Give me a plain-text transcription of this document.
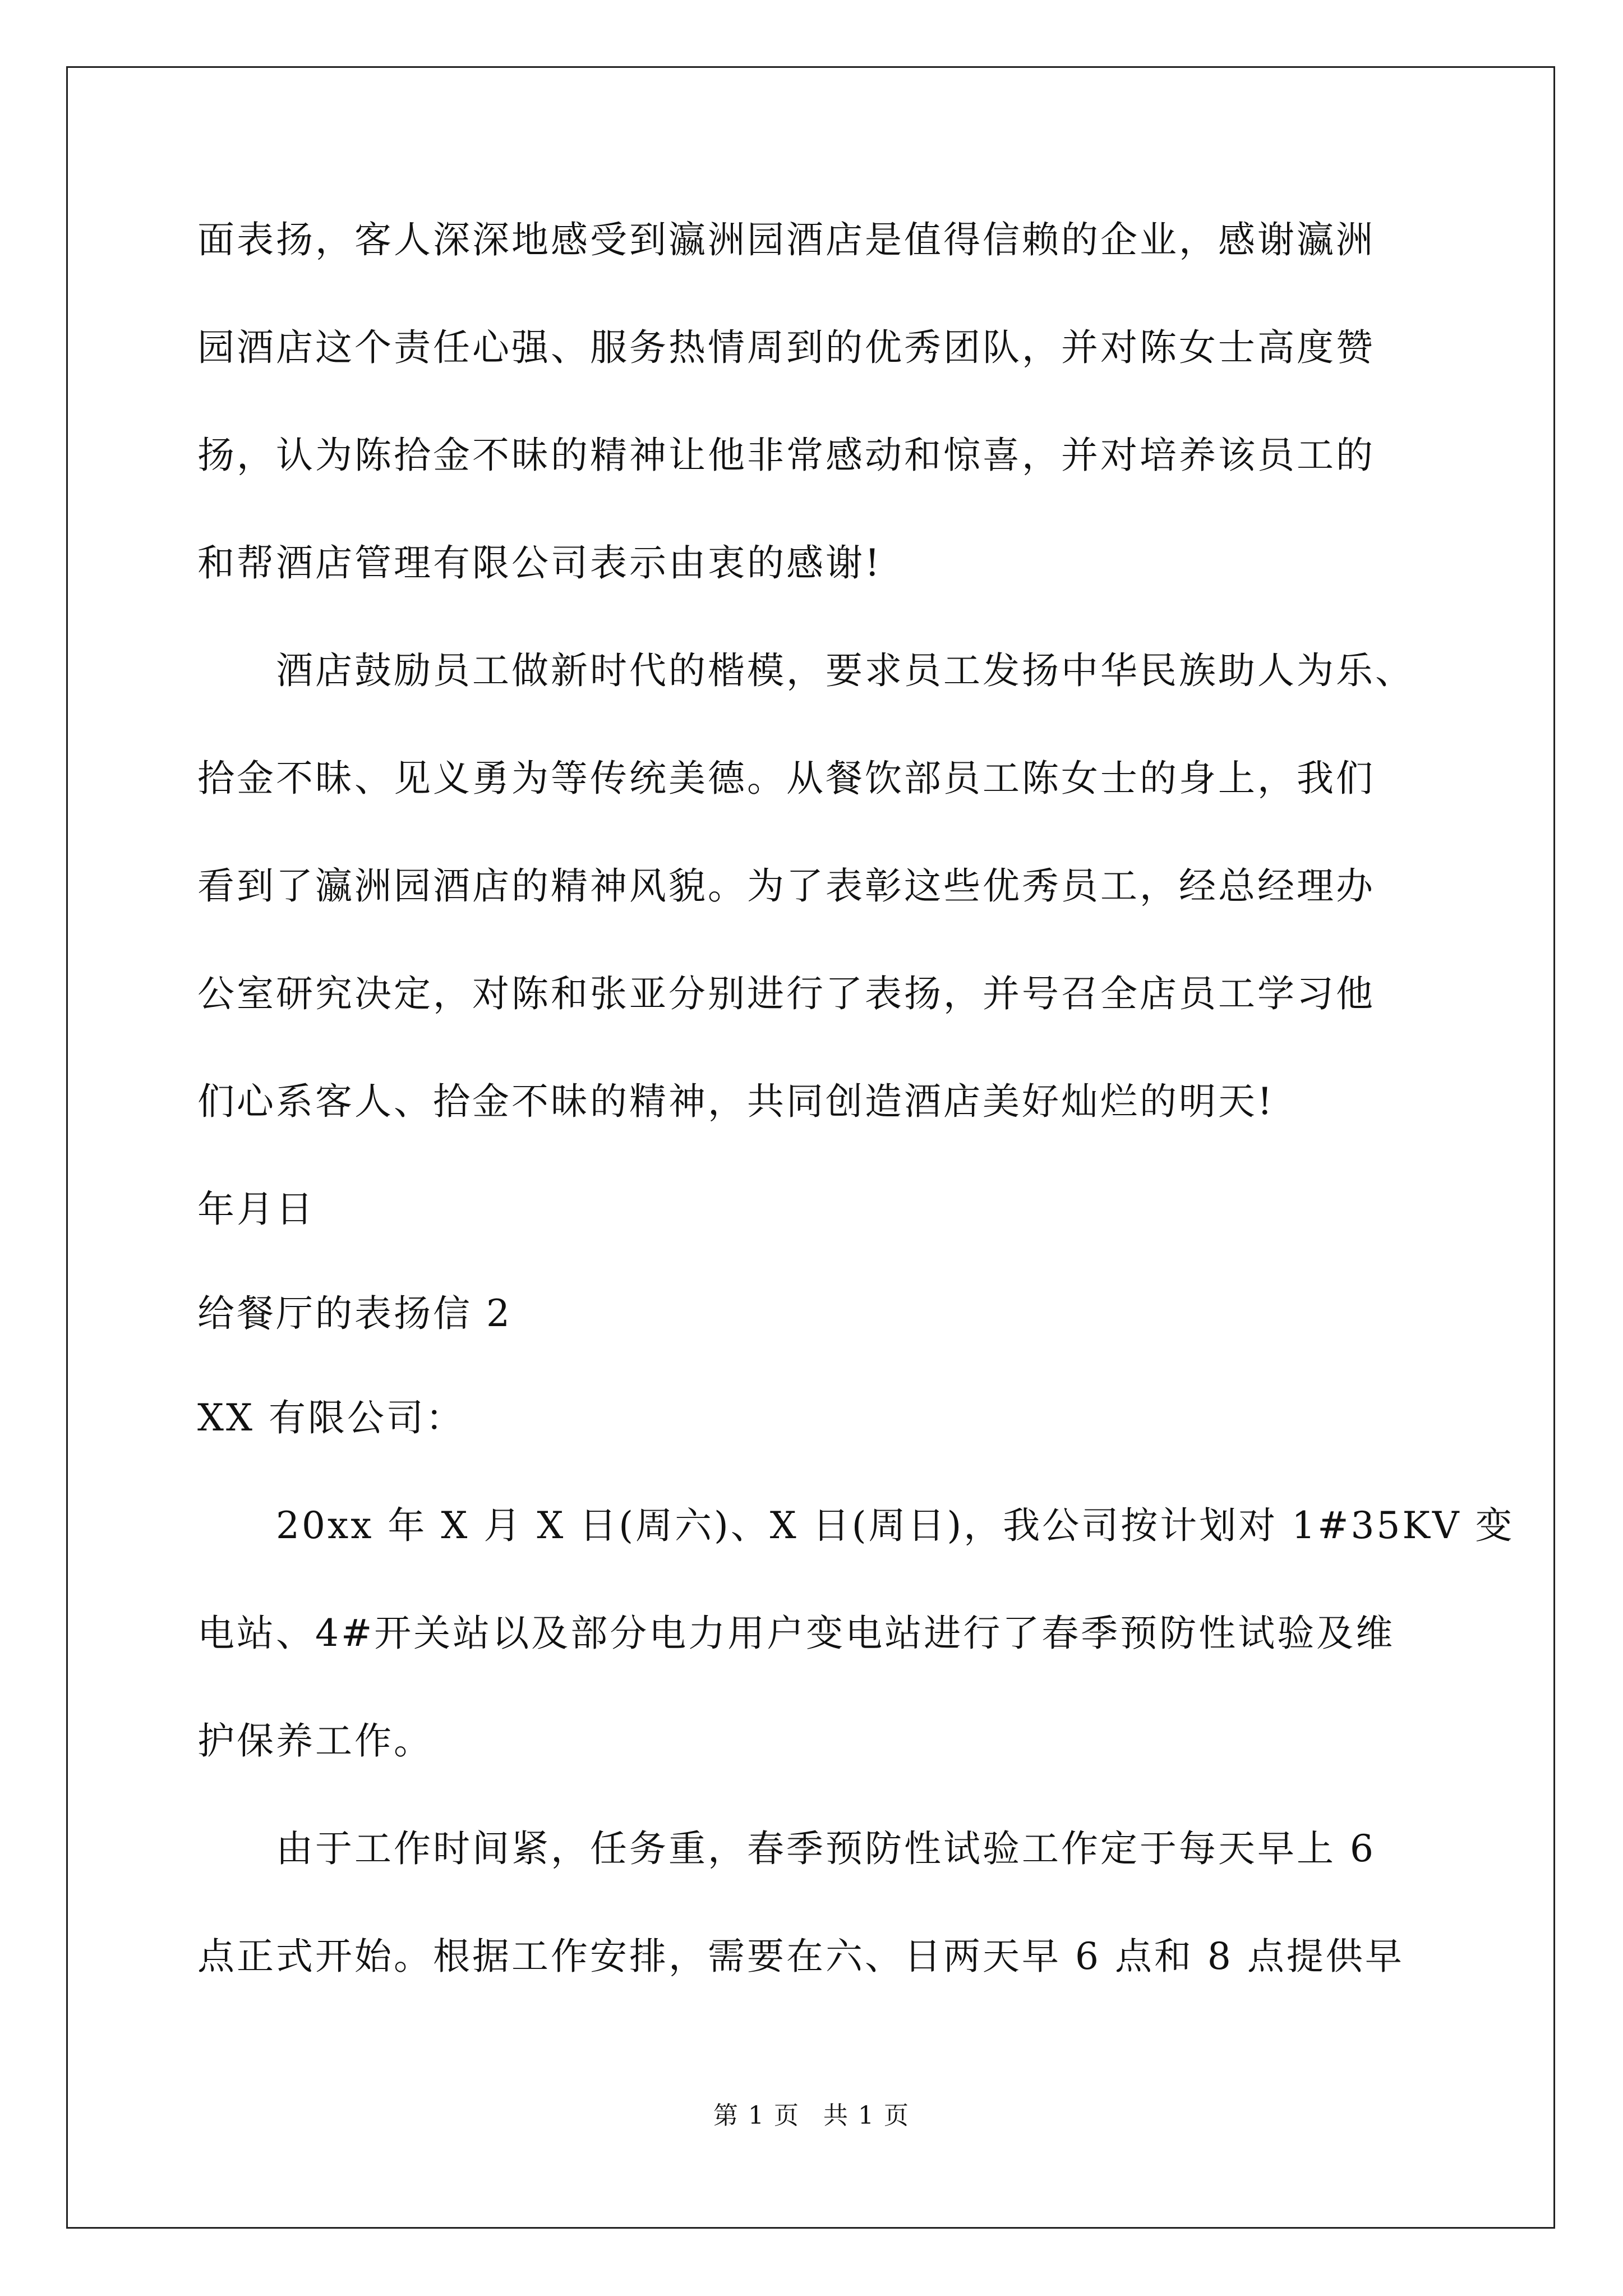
面表扬，客人深深地感受到瀛洲园酒店是值得信赖的企业，感谢瀛洲
园酒店这个责任心强、服务热情周到的优秀团队，并对陈女士高度赞
扬，认为陈拾金不昧的精神让他非常感动和惊喜，并对培养该员工的
和帮酒店管理有限公司表示由衷的感谢!
　　酒店鼓励员工做新时代的楷模，要求员工发扬中华民族助人为乐、
拾金不昧、见义勇为等传统美德。从餐饮部员工陈女士的身上，我们
看到了瀛洲园酒店的精神风貌。为了表彰这些优秀员工，经总经理办
公室研究决定，对陈和张亚分别进行了表扬，并号召全店员工学习他
们心系客人、拾金不昧的精神，共同创造酒店美好灿烂的明天!
年月日
给餐厅的表扬信 2
XX 有限公司：
　　20xx 年 X 月 X 日(周六)、X 日(周日)，我公司按计划对 1#35KV 变
电站、4#开关站以及部分电力用户变电站进行了春季预防性试验及维
护保养工作。
　　由于工作时间紧，任务重，春季预防性试验工作定于每天早上 6
点正式开始。根据工作安排，需要在六、日两天早 6 点和 8 点提供早
第 1 页 共 1 页
